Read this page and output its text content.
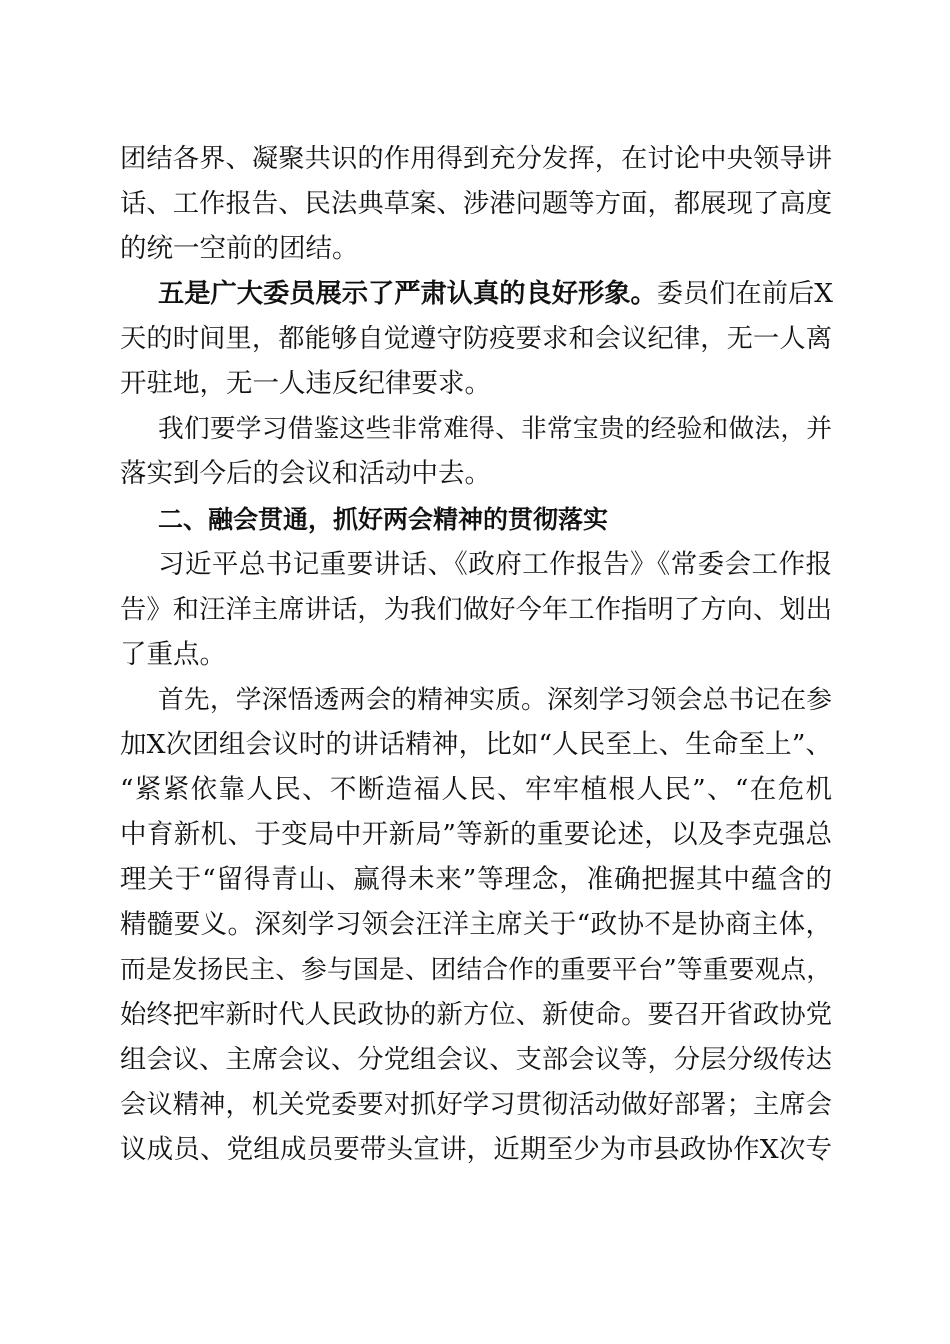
团结各界、凝聚共识的作用得到充分发挥，在讨论中央领导讲
话、工作报告、民法典草案、涉港问题等方面，都展现了高度
的统一空前的团结。
五是广大委员展示了严肃认真的良好形象。委员们在前后X
天的时间里，都能够自觉遵守防疫要求和会议纪律，无一人离
开驻地，无一人违反纪律要求。
我们要学习借鉴这些非常难得、非常宝贵的经验和做法，并
落实到今后的会议和活动中去。
二、融会贯通，抓好两会精神的贯彻落实
习近平总书记重要讲话、《政府工作报告》《常委会工作报
告》和汪洋主席讲话，为我们做好今年工作指明了方向、划出
了重点。
首先，学深悟透两会的精神实质。深刻学习领会总书记在参
加X次团组会议时的讲话精神，比如“人民至上、生命至上”、
“紧紧依靠人民、不断造福人民、牢牢植根人民”、“在危机
中育新机、于变局中开新局”等新的重要论述，以及李克强总
理关于“留得青山、赢得未来”等理念，准确把握其中蕴含的
精髓要义。深刻学习领会汪洋主席关于“政协不是协商主体，
而是发扬民主、参与国是、团结合作的重要平台”等重要观点，
始终把牢新时代人民政协的新方位、新使命。要召开省政协党
组会议、主席会议、分党组会议、支部会议等，分层分级传达
会议精神，机关党委要对抓好学习贯彻活动做好部署；主席会
议成员、党组成员要带头宣讲，近期至少为市县政协作X次专
